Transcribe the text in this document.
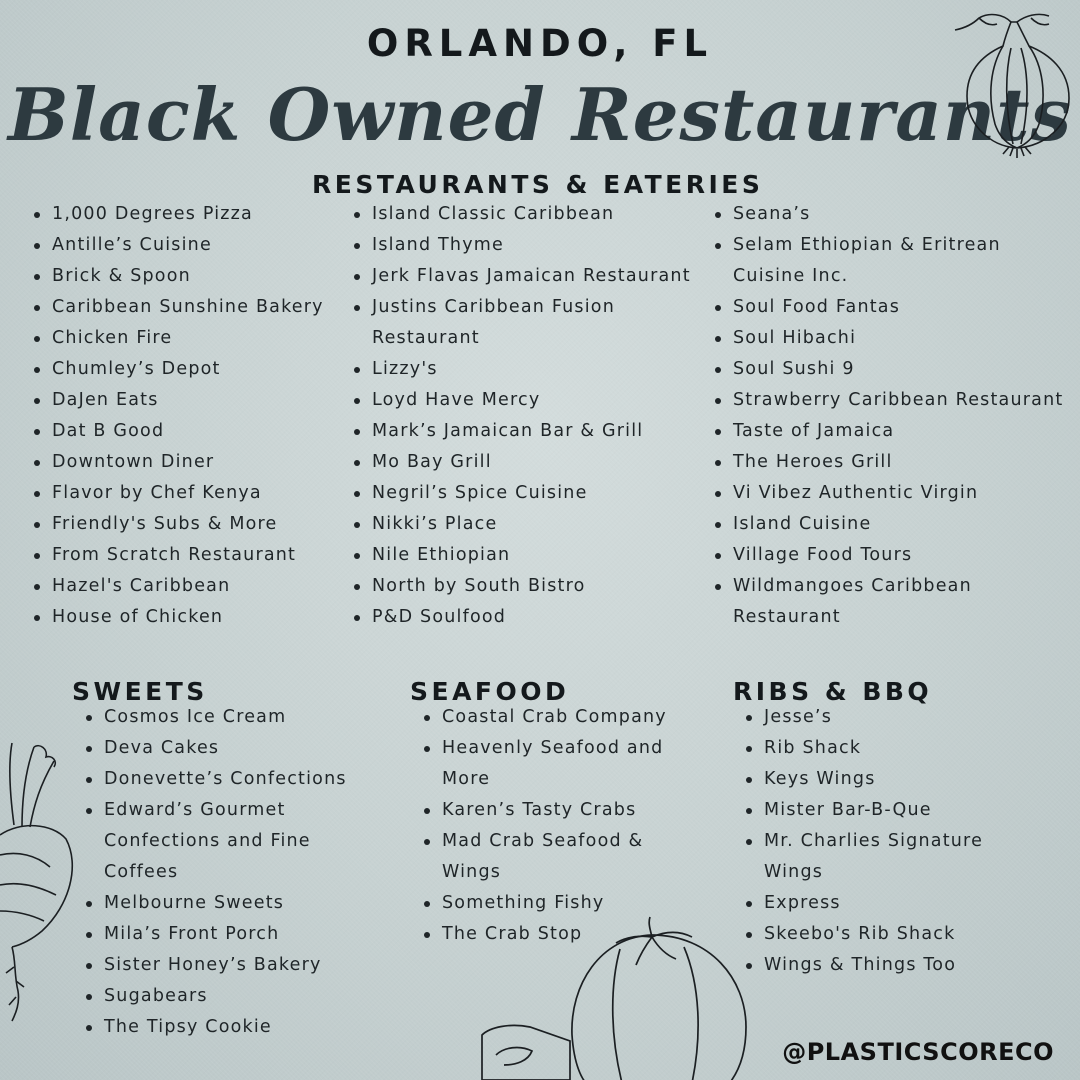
ORLANDO, FL
Black Owned Restaurants
RESTAURANTS & EATERIES
1,000 Degrees Pizza
Antille’s Cuisine
Brick & Spoon
Caribbean Sunshine Bakery
Chicken Fire
Chumley’s Depot
DaJen Eats
Dat B Good
Downtown Diner
Flavor by Chef Kenya
Friendly's Subs & More
From Scratch Restaurant
Hazel's Caribbean
House of Chicken
Island Classic Caribbean
Island Thyme
Jerk Flavas Jamaican Restaurant
Justins Caribbean Fusion Restaurant
Lizzy's
Loyd Have Mercy
Mark’s Jamaican Bar & Grill
Mo Bay Grill
Negril’s Spice Cuisine
Nikki’s Place
Nile Ethiopian
North by South Bistro
P&D Soulfood
Seana’s
Selam Ethiopian & Eritrean Cuisine Inc.
Soul Food Fantas
Soul Hibachi
Soul Sushi 9
Strawberry Caribbean Restaurant
Taste of Jamaica
The Heroes Grill
Vi Vibez Authentic Virgin
Island Cuisine
Village Food Tours
Wildmangoes Caribbean Restaurant
SWEETS
Cosmos Ice Cream
Deva Cakes
Donevette’s Confections
Edward’s Gourmet Confections and Fine Coffees
Melbourne Sweets
Mila’s Front Porch
Sister Honey’s Bakery
Sugabears
The Tipsy Cookie
SEAFOOD
Coastal Crab Company
Heavenly Seafood and More
Karen’s Tasty Crabs
Mad Crab Seafood & Wings
Something Fishy
The Crab Stop
RIBS & BBQ
Jesse’s
Rib Shack
Keys Wings
Mister Bar-B-Que
Mr. Charlies Signature Wings
Express
Skeebo's Rib Shack
Wings & Things Too
@PLASTICSCORECO
